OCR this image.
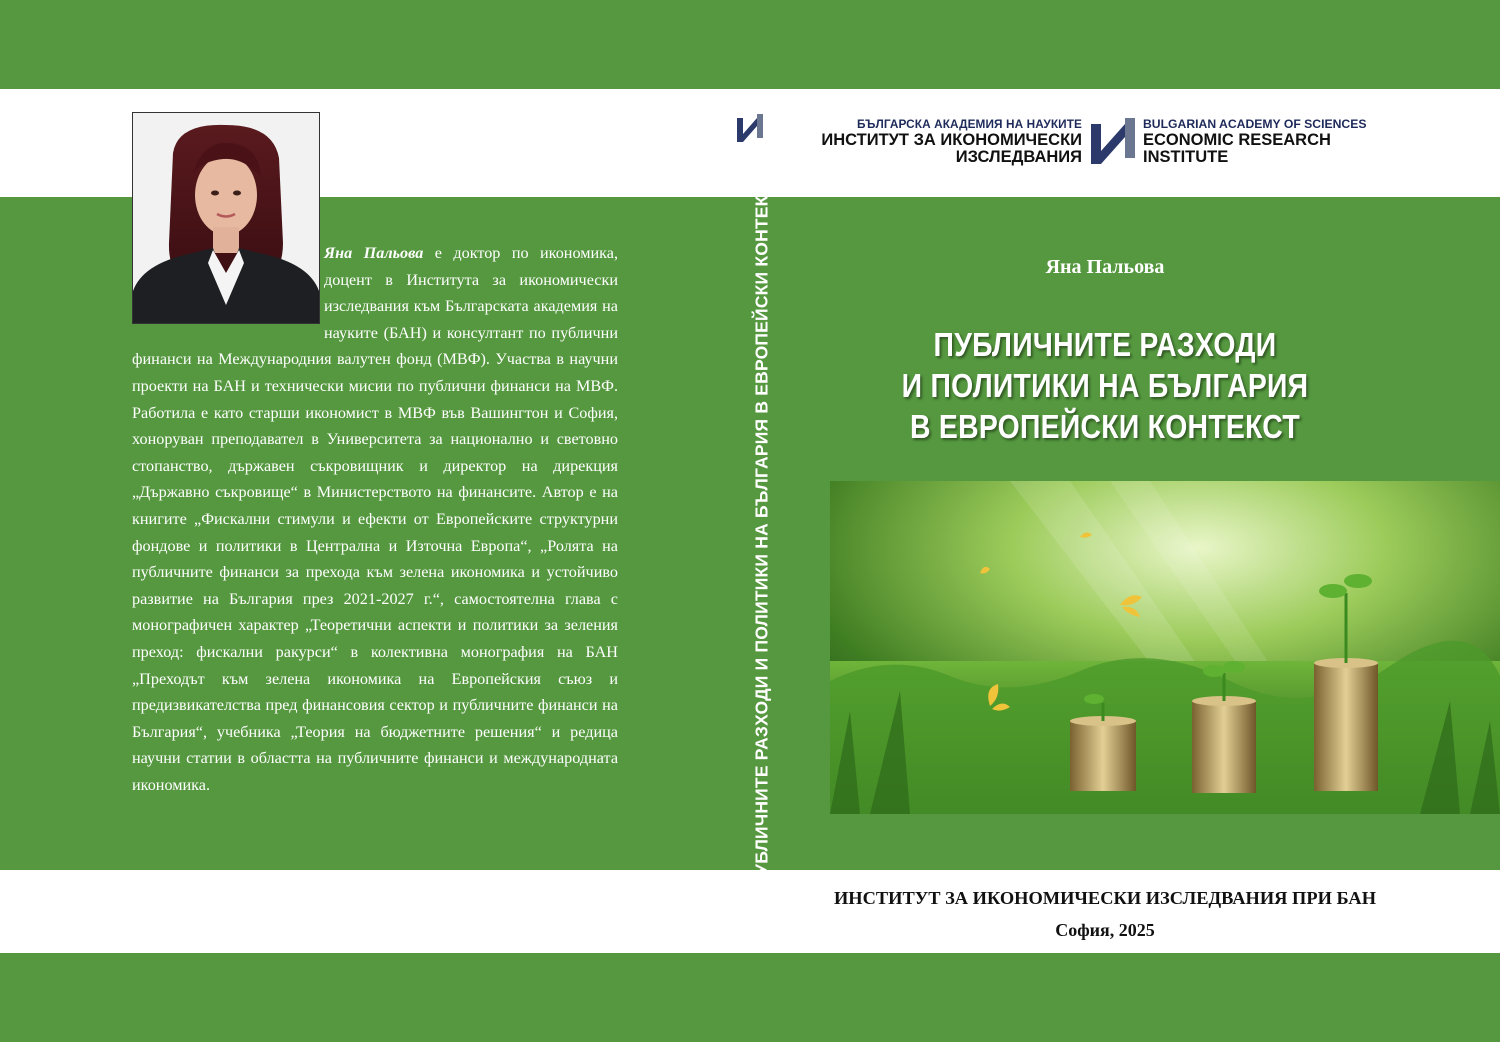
Яна Пальова е доктор по икономика, доцент в Института за икономически изследвания към Българската академия на науките (БАН) и консултант по публични финанси на Международния валутен фонд (МВФ). Участва в научни проекти на БАН и технически мисии по публични финанси на МВФ. Работила е като старши икономист в МВФ във Вашингтон и София, хоноруван преподавател в Университета за национално и световно стопанство, държавен съкровищник и директор на дирекция „Държавно съкровище“ в Министерството на финансите. Автор е на книгите „Фискални стимули и ефекти от Европейските структурни фондове и политики в Централна и Източна Европа“, „Ролята на публичните финанси за прехода към зелена икономика и устойчиво развитие на България през 2021-2027 г.“, самостоятелна глава с монографичен характер „Теоретични аспекти и политики за зеления преход: фискални ракурси“ в колективна монография на БАН „Преходът към зелена икономика на Европейския съюз и предизвикателства пред финансовия сектор и публичните финанси на България“, учебника „Теория на бюджетните решения“ и редица научни статии в областта на публичните финанси и международната икономика.	ПУБЛИЧНИТЕ РАЗХОДИ И ПОЛИТИКИ НА БЪЛГАРИЯ В ЕВРОПЕЙСКИ КОНТЕКСТ
БЪЛГАРСКА АКАДЕМИЯ НА НАУКИТЕ
ИНСТИТУТ ЗА ИКОНОМИЧЕСКИ
ИЗСЛЕДВАНИЯ
BULGARIAN ACADEMY OF SCIENCES
ECONOMIC RESEARCH
INSTITUTE
Яна Пальова
ПУБЛИЧНИТЕ РАЗХОДИ
И ПОЛИТИКИ НА БЪЛГАРИЯ
В ЕВРОПЕЙСКИ КОНТЕКСТ
ИНСТИТУТ ЗА ИКОНОМИЧЕСКИ ИЗСЛЕДВАНИЯ ПРИ БАН
София, 2025
